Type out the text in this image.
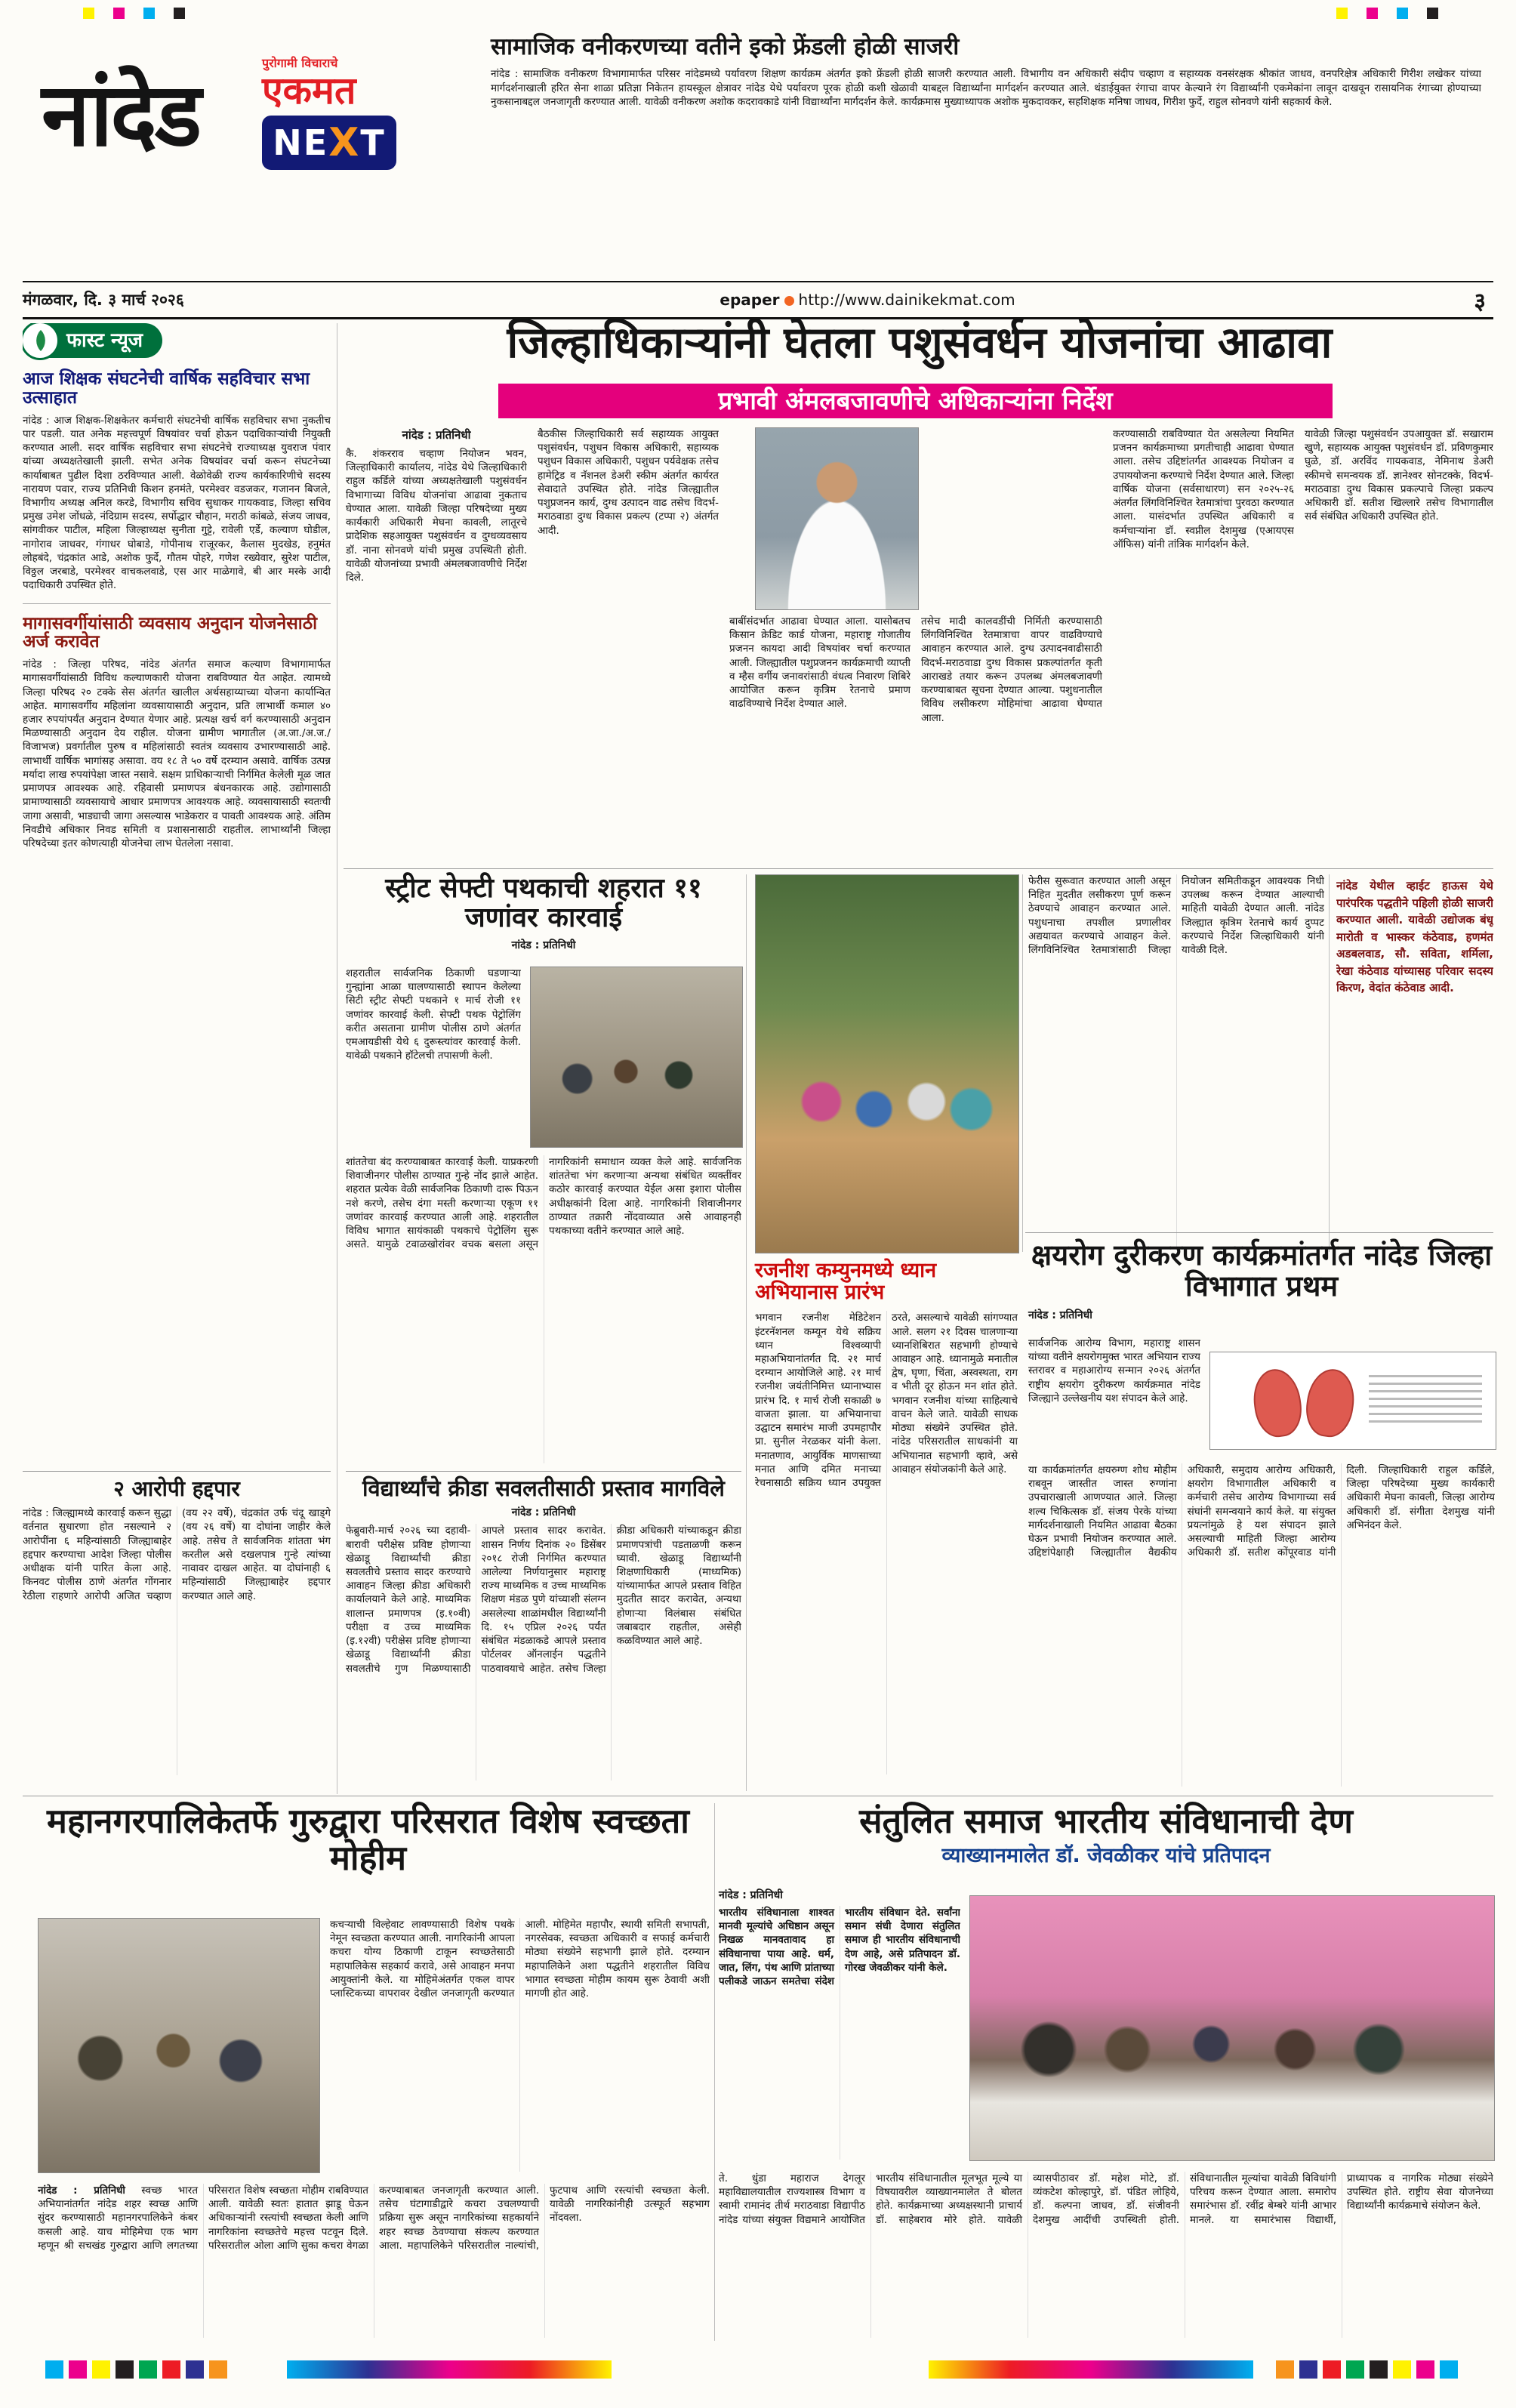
नांदेड
पुरोगामी विचाराचे
एकमत
N E X T
सामाजिक वनीकरणच्या वतीने इको फ्रेंडली होळी साजरी
नांदेड : सामाजिक वनीकरण विभागामार्फत परिसर नांदेडमध्ये पर्यावरण शिक्षण कार्यक्रम अंतर्गत इको फ्रेंडली होळी साजरी करण्यात आली. विभागीय वन अधिकारी संदीप चव्हाण व सहाय्यक वनसंरक्षक श्रीकांत जाधव, वनपरिक्षेत्र अधिकारी गिरीश लखेकर यांच्या मार्गदर्शनाखाली हरित सेना शाळा प्रतिज्ञा निकेतन हायस्कूल क्षेत्रावर नांदेड येथे पर्यावरण पूरक होळी कशी खेळावी याबद्दल विद्यार्थ्यांना मार्गदर्शन करण्यात आले. थंडाईयुक्त रंगाचा वापर केल्याने रंग विद्यार्थ्यांनी एकमेकांना लावून दाखवून रासायनिक रंगाच्या होण्याच्या नुकसानाबद्दल जनजागृती करण्यात आली. यावेळी वनीकरण अशोक कदरावकाडे यांनी विद्यार्थ्यांना मार्गदर्शन केले. कार्यक्रमास मुख्याध्यापक अशोक मुकदावकर, सहशिक्षक मनिषा जाधव, गिरीश फुर्दे, राहुल सोनवणे यांनी सहकार्य केले.
मंगळवार, दि. ३ मार्च २०२६	epaper http://www.dainikekmat.com	३
फास्ट न्यूज
आज शिक्षक संघटनेची वार्षिक सहविचार सभा उत्साहात
नांदेड : आज शिक्षक-शिक्षकेतर कर्मचारी संघटनेची वार्षिक सहविचार सभा नुकतीच पार पडली. यात अनेक महत्त्वपूर्ण विषयांवर चर्चा होऊन पदाधिकाऱ्यांची नियुक्ती करण्यात आली. सदर वार्षिक सहविचार सभा संघटनेचे राज्याध्यक्ष युवराज पंवार यांच्या अध्यक्षतेखाली झाली. सभेत अनेक विषयांवर चर्चा करून संघटनेच्या कार्याबाबत पुढील दिशा ठरविण्यात आली. वेळोवेळी राज्य कार्यकारिणीचे सदस्य नारायण पवार, राज्य प्रतिनिधी किशन हनमंते, परमेश्वर वडजकर, गजानन बिजले, विभागीय अध्यक्ष अनिल करडे, विभागीय सचिव सुधाकर गायकवाड, जिल्हा सचिव प्रमुख उमेश जोंधळे, नंदिग्राम सदस्य, सर्पोद्धार चौहान, मराठी कांबळे, संजय जाधव, सांगवीकर पाटील, महिला जिल्हाध्यक्ष सुनीता गुट्टे, रावेली एर्डे, कल्याण घोडील, नागोराव जाधवर, गंगाधर घोबाडे, गोपीनाथ राजूरकर, कैलास मुदखेड, हनुमंत लोहबंदे, चंद्रकांत आडे, अशोक फुर्दे, गौतम पोहरे, गणेश रख्येवार, सुरेश पाटील, विठ्ठल जरबाडे, परमेश्वर वाचकलवाडे, एस आर माळेगावे, बी आर मस्के आदी पदाधिकारी उपस्थित होते.
मागासवर्गीयांसाठी व्यवसाय अनुदान योजनेसाठी अर्ज करावेत
नांदेड : जिल्हा परिषद, नांदेड अंतर्गत समाज कल्याण विभागामार्फत मागासवर्गीयांसाठी विविध कल्याणकारी योजना राबविण्यात येत आहेत. त्यामध्ये जिल्हा परिषद २० टक्के सेस अंतर्गत खालील अर्थसहाय्याच्या योजना कार्यान्वित आहेत. मागासवर्गीय महिलांना व्यवसायासाठी अनुदान, प्रति लाभार्थी कमाल ४० हजार रुपयांपर्यंत अनुदान देण्यात येणार आहे. प्रत्यक्ष खर्च वर्ग करण्यासाठी अनुदान मिळण्यासाठी अनुदान देय राहील. योजना ग्रामीण भागातील (अ.जा./अ.ज./विजाभज) प्रवर्गातील पुरुष व महिलांसाठी स्वतंत्र व्यवसाय उभारण्यासाठी आहे. लाभार्थी वार्षिक भागांसह असावा. वय १८ ते ५० वर्षे दरम्यान असावे. वार्षिक उत्पन्न मर्यादा लाख रुपयांपेक्षा जास्त नसावे. सक्षम प्राधिकाऱ्याची निर्गमित केलेली मूळ जात प्रमाणपत्र आवश्यक आहे. रहिवासी प्रमाणपत्र बंधनकारक आहे. उद्योगासाठी प्रामाण्यासाठी व्यवसायाचे आधार प्रमाणपत्र आवश्यक आहे. व्यवसायासाठी स्वतःची जागा असावी, भाड्याची जागा असल्यास भाडेकरार व पावती आवश्यक आहे. अंतिम निवडीचे अधिकार निवड समिती व प्रशासनासाठी राहतील. लाभार्थ्यांनी जिल्हा परिषदेच्या इतर कोणत्याही योजनेचा लाभ घेतलेला नसावा.
२ आरोपी हद्दपार
नांदेड : जिल्ह्यामध्ये कारवाई करून सुद्धा वर्तनात सुधारणा होत नसल्याने २ आरोपींना ६ महिन्यांसाठी जिल्ह्याबाहेर हद्दपार करण्याचा आदेश जिल्हा पोलीस अधीक्षक यांनी पारित केला आहे. किनवट पोलीस ठाणे अंतर्गत गोंगनार रेठीला राहणारे आरोपी अजित चव्हाण (वय २२ वर्षे), चंद्रकांत उर्फ चंदू खाड्गे (वय २६ वर्षे) या दोघांना जाहीर केले आहे. तसेच ते सार्वजनिक शांतता भंग करतील असे दखलपात्र गुन्हे त्यांच्या नावावर दाखल आहेत. या दोघांनाही ६ महिन्यांसाठी जिल्ह्याबाहेर हद्दपार करण्यात आले आहे.
जिल्हाधिकाऱ्यांनी घेतला पशुसंवर्धन योजनांचा आढावा
प्रभावी अंमलबजावणीचे अधिकाऱ्यांना निर्देश
नांदेड : प्रतिनिधी
कै. शंकरराव चव्हाण नियोजन भवन, जिल्हाधिकारी कार्यालय, नांदेड येथे जिल्हाधिकारी राहुल कर्डिले यांच्या अध्यक्षतेखाली पशुसंवर्धन विभागाच्या विविध योजनांचा आढावा नुकताच घेण्यात आला. यावेळी जिल्हा परिषदेच्या मुख्य कार्यकारी अधिकारी मेघना कावली, लातूरचे प्रादेशिक सहआयुक्त पशुसंवर्धन व दुग्धव्यवसाय डॉ. नाना सोनवणे यांची प्रमुख उपस्थिती होती. यावेळी योजनांच्या प्रभावी अंमलबजावणीचे निर्देश दिले.
बैठकीस जिल्हाधिकारी सर्व सहाय्यक आयुक्त पशुसंवर्धन, पशुधन विकास अधिकारी, सहाय्यक पशुधन विकास अधिकारी, पशुधन पर्यवेक्षक तसेच हामेट्रिड व नॅशनल डेअरी स्कीम अंतर्गत कार्यरत सेवादाते उपस्थित होते. नांदेड जिल्ह्यातील पशुप्रजनन कार्य, दुग्ध उत्पादन वाढ तसेच विदर्भ-मराठवाडा दुग्ध विकास प्रकल्प (टप्पा २) अंतर्गत आदी.
बाबींसंदर्भात आढावा घेण्यात आला. यासोबतच किसान क्रेडिट कार्ड योजना, महाराष्ट्र गोजातीय प्रजनन कायदा आदी विषयांवर चर्चा करण्यात आली. जिल्ह्यातील पशुप्रजनन कार्यक्रमाची व्याप्ती व म्हैस वर्गीय जनावरांसाठी वंधत्व निवारण शिबिरे आयोजित करून कृत्रिम रेतनाचे प्रमाण वाढविण्याचे निर्देश देण्यात आले.
तसेच मादी कालवडींची निर्मिती करण्यासाठी लिंगविनिश्चित रेतमात्राचा वापर वाढविण्याचे आवाहन करण्यात आले. दुग्ध उत्पादनवाढीसाठी विदर्भ-मराठवाडा दुग्ध विकास प्रकल्पांतर्गत कृती आराखडे तयार करून उपलब्ध अंमलबजावणी करण्याबाबत सूचना देण्यात आल्या. पशुधनातील विविध लसीकरण मोहिमांचा आढावा घेण्यात आला.
करण्यासाठी राबविण्यात येत असलेल्या नियमित प्रजनन कार्यक्रमाच्या प्रगतीचाही आढावा घेण्यात आला. तसेच उद्दिष्टांतर्गत आवश्यक नियोजन व उपाययोजना करण्याचे निर्देश देण्यात आले. जिल्हा वार्षिक योजना (सर्वसाधारण) सन २०२५-२६ अंतर्गत लिंगविनिश्चित रेतमात्रांचा पुरवठा करण्यात आला. यासंदर्भात उपस्थित अधिकारी व कर्मचाऱ्यांना डॉ. स्वप्नील देशमुख (एआयएस ऑफिस) यांनी तांत्रिक मार्गदर्शन केले.
यावेळी जिल्हा पशुसंवर्धन उपआयुक्त डॉ. सखाराम खुणे, सहाय्यक आयुक्त पशुसंवर्धन डॉ. प्रविणकुमार घुळे, डॉ. अरविंद गायकवाड, नेमिनाथ डेअरी स्कीमचे समन्वयक डॉ. ज्ञानेश्वर सोनटक्के, विदर्भ-मराठवाडा दुग्ध विकास प्रकल्पाचे जिल्हा प्रकल्प अधिकारी डॉ. सतीश खिल्लारे तसेच विभागातील सर्व संबंधित अधिकारी उपस्थित होते.
स्ट्रीट सेफ्टी पथकाची शहरात ११ जणांवर कारवाई
नांदेड : प्रतिनिधी
शहरातील सार्वजनिक ठिकाणी घडणाऱ्या गुन्ह्यांना आळा घालण्यासाठी स्थापन केलेल्या सिटी स्ट्रीट सेफ्टी पथकाने १ मार्च रोजी ११ जणांवर कारवाई केली. सेफ्टी पथक पेट्रोलिंग करीत असताना ग्रामीण पोलीस ठाणे अंतर्गत एमआयडीसी येथे ६ दुरूस्त्यांवर कारवाई केली. यावेळी पथकाने हॉटेलची तपासणी केली.
शांततेचा बंद करण्याबाबत कारवाई केली. याप्रकरणी शिवाजीनगर पोलीस ठाण्यात गुन्हे नोंद झाले आहेत. शहरात प्रत्येक वेळी सार्वजनिक ठिकाणी दारू पिऊन नशे करणे, तसेच दंगा मस्ती करणाऱ्या एकूण ११ जणांवर कारवाई करण्यात आली आहे. शहरातील विविध भागात सायंकाळी पथकाचे पेट्रोलिंग सुरू असते. यामुळे टवाळखोरांवर वचक बसला असून नागरिकांनी समाधान व्यक्त केले आहे. सार्वजनिक शांततेचा भंग करणाऱ्या अन्यथा संबंधित व्यक्तींवर कठोर कारवाई करण्यात येईल असा इशारा पोलीस अधीक्षकांनी दिला आहे. नागरिकांनी शिवाजीनगर ठाण्यात तक्रारी नोंदवाव्यात असे आवाहनही पथकाच्या वतीने करण्यात आले आहे.
फेरीस सुरूवात करण्यात आली असून निहित मुदतीत लसीकरण पूर्ण करून ठेवण्याचे आवाहन करण्यात आले. पशुधनाचा तपशील प्रणालीवर अद्ययावत करण्याचे आवाहन केले. लिंगविनिश्चित रेतमात्रांसाठी जिल्हा नियोजन समितीकडून आवश्यक निधी उपलब्ध करून देण्यात आल्याची माहिती यावेळी देण्यात आली. नांदेड जिल्ह्यात कृत्रिम रेतनाचे कार्य दुप्पट करण्याचे निर्देश जिल्हाधिकारी यांनी यावेळी दिले.
नांदेड येथील व्हाईट हाऊस येथे पारंपरिक पद्धतीने पहिली होळी साजरी करण्यात आली. यावेळी उद्योजक बंधू मारोती व भास्कर कंठेवाड, हणमंत अडबलवाड, सौ. सविता, शर्मिला, रेखा कंठेवाड यांच्यासह परिवार सदस्य किरण, वेदांत कंठेवाड आदी.
रजनीश कम्युनमध्ये ध्यान अभियानास प्रारंभ
भगवान रजनीश मेडिटेशन इंटरनॅशनल कम्यून येथे सक्रिय ध्यान विश्वव्यापी महाअभियानांतर्गत दि. २१ मार्च दरम्यान आयोजिले आहे. २१ मार्च रजनीश जयंतीनिमित्त ध्यानाभ्यास प्रारंभ दि. १ मार्च रोजी सकाळी ७ वाजता झाला. या अभियानाचा उद्घाटन समारंभ माजी उपमहापौर प्रा. सुनील नेरळकर यांनी केला. मनातणाव, आयुर्विक माणसाच्या मनात आणि दमित मनाच्या रेचनासाठी सक्रिय ध्यान उपयुक्त ठरते, असल्याचे यावेळी सांगण्यात आले. सलग २१ दिवस चालणाऱ्या ध्यानशिबिरात सहभागी होण्याचे आवाहन आहे. ध्यानामुळे मनातील द्वेष, घृणा, चिंता, अस्वस्थता, राग व भीती दूर होऊन मन शांत होते. भगवान रजनीश यांच्या साहित्याचे वाचन केले जाते. यावेळी साधक मोठ्या संख्येने उपस्थित होते. नांदेड परिसरातील साधकांनी या अभियानात सहभागी व्हावे, असे आवाहन संयोजकांनी केले आहे.
क्षयरोग दुरीकरण कार्यक्रमांतर्गत नांदेड जिल्हा विभागात प्रथम
नांदेड : प्रतिनिधी
सार्वजनिक आरोग्य विभाग, महाराष्ट्र शासन यांच्या वतीने क्षयरोगमुक्त भारत अभियान राज्य स्तरावर व महाआरोग्य सन्मान २०२६ अंतर्गत राष्ट्रीय क्षयरोग दुरीकरण कार्यक्रमात नांदेड जिल्ह्याने उल्लेखनीय यश संपादन केले आहे.
या कार्यक्रमांतर्गत क्षयरुग्ण शोध मोहीम राबवून जास्तीत जास्त रुग्णांना उपचाराखाली आणण्यात आले. जिल्हा शल्य चिकित्सक डॉ. संजय पेरके यांच्या मार्गदर्शनाखाली नियमित आढावा बैठका घेऊन प्रभावी नियोजन करण्यात आले. उद्दिष्टांपेक्षाही जिल्ह्यातील वैद्यकीय अधिकारी, समुदाय आरोग्य अधिकारी, क्षयरोग विभागातील अधिकारी व कर्मचारी तसेच आरोग्य विभागाच्या सर्व संघांनी समन्वयाने कार्य केले. या संयुक्त प्रयत्नांमुळे हे यश संपादन झाले असल्याची माहिती जिल्हा आरोग्य अधिकारी डॉ. सतीश कोंपूरवाड यांनी दिली. जिल्हाधिकारी राहुल कर्डिले, जिल्हा परिषदेच्या मुख्य कार्यकारी अधिकारी मेघना कावली, जिल्हा आरोग्य अधिकारी डॉ. संगीता देशमुख यांनी अभिनंदन केले.
विद्यार्थ्यांचे क्रीडा सवलतीसाठी प्रस्ताव मागविले
नांदेड : प्रतिनिधी
फेब्रुवारी-मार्च २०२६ च्या दहावी-बारावी परीक्षेस प्रविष्ट होणाऱ्या खेळाडू विद्यार्थ्यांची क्रीडा सवलतीचे प्रस्ताव सादर करण्याचे आवाहन जिल्हा क्रीडा अधिकारी कार्यालयाने केले आहे. माध्यमिक शालान्त प्रमाणपत्र (इ.१०वी) परीक्षा व उच्च माध्यमिक (इ.१२वी) परीक्षेस प्रविष्ट होणाऱ्या खेळाडू विद्यार्थ्यांनी क्रीडा सवलतीचे गुण मिळण्यासाठी आपले प्रस्ताव सादर करावेत. शासन निर्णय दिनांक २० डिसेंबर २०१८ रोजी निर्गमित करण्यात आलेल्या निर्णयानुसार महाराष्ट्र राज्य माध्यमिक व उच्च माध्यमिक शिक्षण मंडळ पुणे यांच्याशी संलग्न असलेल्या शाळांमधील विद्यार्थ्यांनी दि. १५ एप्रिल २०२६ पर्यंत संबंधित मंडळाकडे आपले प्रस्ताव पोर्टलवर ऑनलाईन पद्धतीने पाठवावयाचे आहेत. तसेच जिल्हा क्रीडा अधिकारी यांच्याकडून क्रीडा प्रमाणपत्रांची पडताळणी करून घ्यावी. खेळाडू विद्यार्थ्यांनी शिक्षणाधिकारी (माध्यमिक) यांच्यामार्फत आपले प्रस्ताव विहित मुदतीत सादर करावेत, अन्यथा होणाऱ्या विलंबास संबंधित जबाबदार राहतील, असेही कळविण्यात आले आहे.
महानगरपालिकेतर्फे गुरुद्वारा परिसरात विशेष स्वच्छता मोहीम
कचऱ्याची विल्हेवाट लावण्यासाठी विशेष पथके नेमून स्वच्छता करण्यात आली. नागरिकांनी आपला कचरा योग्य ठिकाणी टाकून स्वच्छतेसाठी महापालिकेस सहकार्य करावे, असे आवाहन मनपा आयुक्तांनी केले. या मोहिमेअंतर्गत एकल वापर प्लास्टिकच्या वापरावर देखील जनजागृती करण्यात आली. मोहिमेत महापौर, स्थायी समिती सभापती, नगरसेवक, स्वच्छता अधिकारी व सफाई कर्मचारी मोठ्या संख्येने सहभागी झाले होते. दरम्यान महापालिकेने अशा पद्धतीने शहरातील विविध भागात स्वच्छता मोहीम कायम सुरू ठेवावी अशी मागणी होत आहे.
नांदेड : प्रतिनिधी स्वच्छ भारत अभियानांतर्गत नांदेड शहर स्वच्छ आणि सुंदर करण्यासाठी महानगरपालिकेने कंबर कसली आहे. याच मोहिमेचा एक भाग म्हणून श्री सचखंड गुरुद्वारा आणि लगतच्या परिसरात विशेष स्वच्छता मोहीम राबविण्यात आली. यावेळी स्वतः हातात झाडू घेऊन अधिकाऱ्यांनी रस्त्यांची स्वच्छता केली आणि नागरिकांना स्वच्छतेचे महत्त्व पटवून दिले. परिसरातील ओला आणि सुका कचरा वेगळा करण्याबाबत जनजागृती करण्यात आली. तसेच घंटागाडीद्वारे कचरा उचलण्याची प्रक्रिया सुरू असून नागरिकांच्या सहकार्याने शहर स्वच्छ ठेवण्याचा संकल्प करण्यात आला. महापालिकेने परिसरातील नाल्यांची, फुटपाथ आणि रस्त्यांची स्वच्छता केली. यावेळी नागरिकांनीही उत्स्फूर्त सहभाग नोंदवला.
संतुलित समाज भारतीय संविधानाची देण
व्याख्यानमालेत डॉ. जेवळीकर यांचे प्रतिपादन
नांदेड : प्रतिनिधी
भारतीय संविधानाला शाश्वत मानवी मूल्यांचे अधिष्ठान असून निखळ मानवतावाद हा संविधानाचा पाया आहे. धर्म, जात, लिंग, पंथ आणि प्रांताच्या पलीकडे जाऊन समतेचा संदेश भारतीय संविधान देते. सर्वांना समान संधी देणारा संतुलित समाज ही भारतीय संविधानाची देण आहे, असे प्रतिपादन डॉ. गोरख जेवळीकर यांनी केले.
ते. धुंडा महाराज देगलूर महाविद्यालयातील राज्यशास्त्र विभाग व स्वामी रामानंद तीर्थ मराठवाडा विद्यापीठ नांदेड यांच्या संयुक्त विद्यमाने आयोजित भारतीय संविधानातील मूलभूत मूल्ये या विषयावरील व्याख्यानमालेत ते बोलत होते. कार्यक्रमाच्या अध्यक्षस्थानी प्राचार्य डॉ. साहेबराव मोरे होते. यावेळी व्यासपीठावर डॉ. महेश मोटे, डॉ. व्यंकटेश कोल्हापुरे, डॉ. पंडित लोहिये, डॉ. कल्पना जाधव, डॉ. संजीवनी देशमुख आदींची उपस्थिती होती. संविधानातील मूल्यांचा यावेळी विविधांगी परिचय करून देण्यात आला. समारोप समारंभास डॉ. रवींद्र बेम्बरे यांनी आभार मानले. या समारंभास विद्यार्थी, प्राध्यापक व नागरिक मोठ्या संख्येने उपस्थित होते. राष्ट्रीय सेवा योजनेच्या विद्यार्थ्यांनी कार्यक्रमाचे संयोजन केले.
